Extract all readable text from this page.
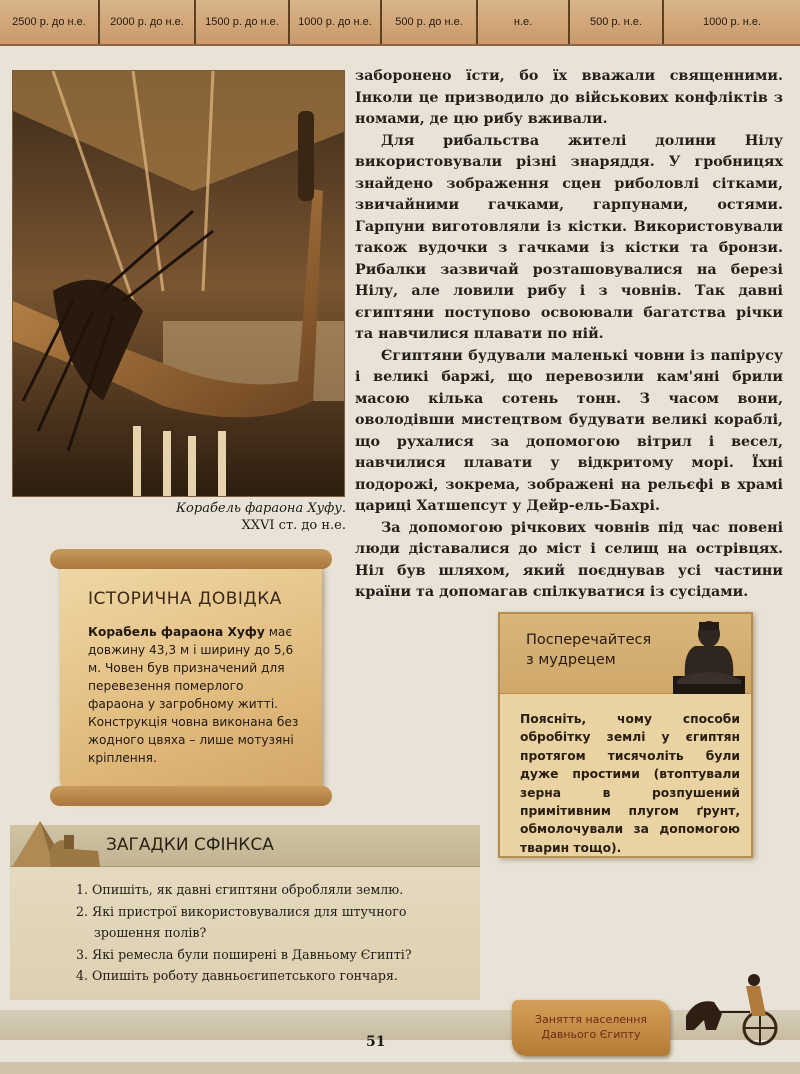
2500 р. до н.е.	2000 р. до н.е.	1500 р. до н.е.	1000 р. до н.е.	500 р. до н.е.	н.е.	500 р. н.е.	1000 р. н.е.
Корабель фараона Хуфу.
XXVI ст. до н.е.

заборонено їсти, бо їх вважали священними. Інколи це призводило до військових конфліктів з номами, де цю рибу вживали.

Для рибальства жителі долини Нілу використовували різні знаряддя. У гробницях знайдено зображення сцен риболовлі сітками, звичайними гачками, гарпунами, остями. Гарпуни виготовляли із кістки. Використовували також вудочки з гачками із кістки та бронзи. Рибалки зазвичай розташовувалися на березі Нілу, але ловили рибу і з човнів. Так давні єгиптяни поступово освоювали багатства річки та навчилися плавати по ній.

Єгиптяни будували маленькі човни із папірусу і великі баржі, що перевозили кам'яні брили масою кілька сотень тонн. З часом вони, оволодівши мистецтвом будувати великі кораблі, що рухалися за допомогою вітрил і весел, навчилися плавати у відкритому морі. Їхні подорожі, зокрема, зображені на рельєфі в храмі цариці Хатшепсут у Дейр-ель-Бахрі.

За допомогою річкових човнів під час повені люди діставалися до міст і селищ на острівцях. Ніл був шляхом, який поєднував усі частини країни та допомагав спілкуватися із сусідами.

ІСТОРИЧНА ДОВІДКА
Корабель фараона Хуфу має довжину 43,3 м і ширину до 5,6 м. Човен був призначений для перевезення померлого фараона у загробному житті. Конструкція човна виконана без жодного цвяха – лише мотузяні кріплення.
Посперечайтеся
з мудрецем
Поясніть, чому способи обробітку землі у єгиптян протягом тисячоліть були дуже простими (втоптували зерна в розпушений примітивним плугом ґрунт, обмолочували за допомогою тварин тощо).
ЗАГАДКИ СФІНКСА
1. Опишіть, як давні єгиптяни обробляли землю.
2. Які пристрої використовувалися для штучного зрошення полів?
3. Які ремесла були поширені в Давньому Єгипті?
4. Опишіть роботу давньоєгипетського гончаря.
51
Заняття населення
Давнього Єгипту
